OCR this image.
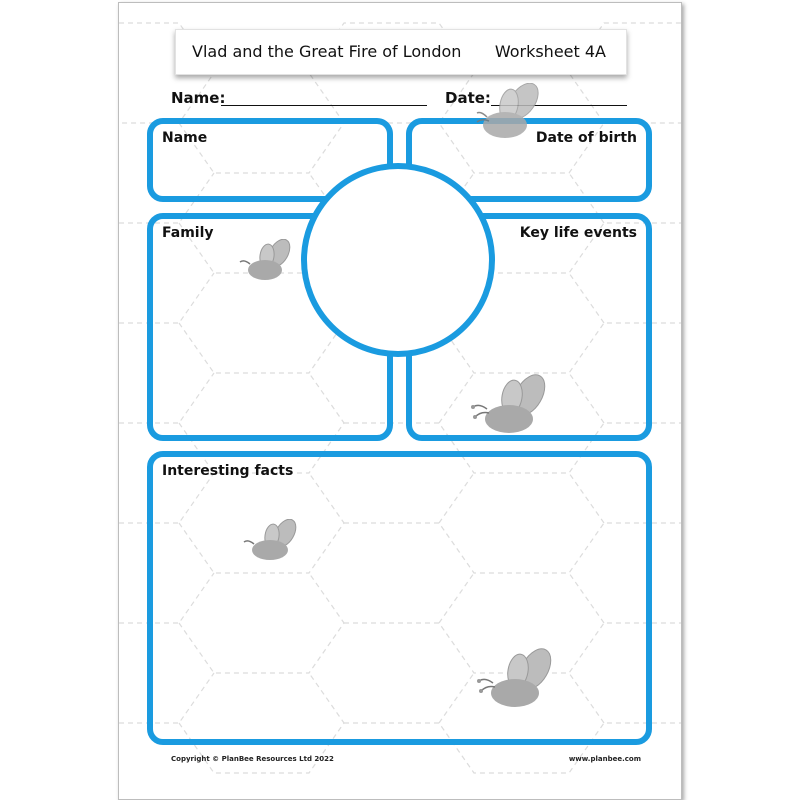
Vlad and the Great Fire of London Worksheet 4A
Name:	Date:
Name	Date of birth
Family	Key life events
Interesting facts
Copyright © PlanBee Resources Ltd 2022	www.planbee.com
